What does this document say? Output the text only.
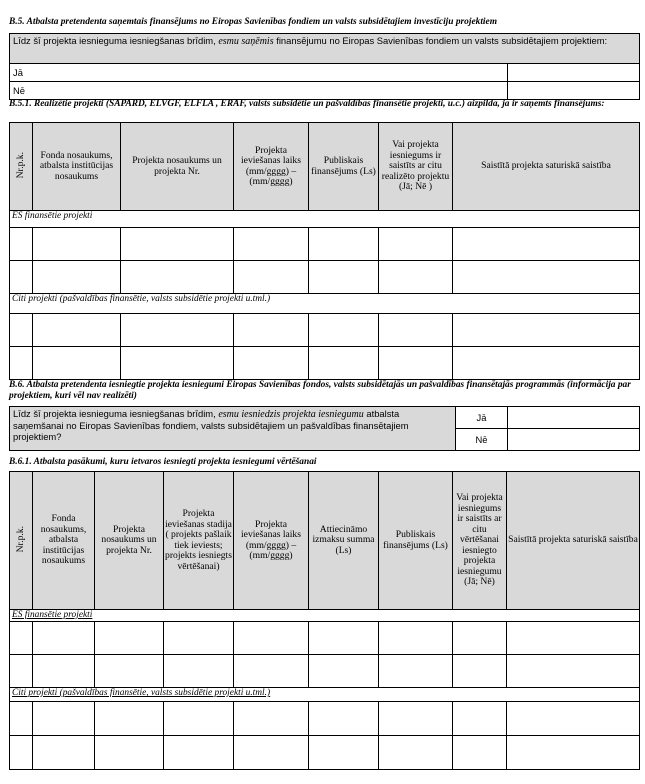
B.5. Atbalsta pretendenta saņemtais finansējums no Eiropas Savienības fondiem un valsts subsidētajiem investīciju projektiem
Līdz šī projekta iesnieguma iesniegšanas brīdim, esmu saņēmis finansējumu no Eiropas Savienības fondiem un valsts subsidētajiem projektiem:	
Jā	
Nē	
B.5.1. Realizētie projekti (SAPARD, ELVGF, ELFLA , ERAF, valsts subsidētie un pašvaldības finansētie projekti, u.c.) aizpilda, ja ir saņemts finansējums:
Nr.p.k.	Fonda nosaukums, atbalsta institūcijas nosaukums	Projekta nosaukums un projekta Nr.	Projekta ieviešanas laiks (mm/gggg) – (mm/gggg)	Publiskais finansējums (Ls)	Vai projekta iesniegums ir saistīts ar citu realizēto projektu (Jā; Nē )	Saistītā projekta saturiskā saistība
ES finansētie projekti						

Citi projekti (pašvaldības finansētie, valsts subsidētie projekti u.tml.)						

B.6. Atbalsta pretendenta iesniegtie projekta iesniegumi Eiropas Savienības fondos, valsts subsidētajās un pašvaldības finansētajās programmās (informācija par projektiem, kuri vēl nav realizēti)
Līdz šī projekta iesnieguma iesniegšanas brīdim, esmu iesniedzis projekta iesniegumu atbalsta saņemšanai no Eiropas Savienības fondiem, valsts subsidētajiem un pašvaldības finansētajiem projektiem?	Jā	
	Nē	
B.6.1. Atbalsta pasākumi, kuru ietvaros iesniegti projekta iesniegumi vērtēšanai
Nr.p.k.	Fonda nosaukums, atbalsta institūcijas nosaukums	Projekta nosaukums un projekta Nr.	Projekta ieviešanas stadija ( projekts pašlaik tiek ieviests; projekts iesniegts vērtēšanai)	Projekta ieviešanas laiks (mm/gggg) – (mm/gggg)	Attiecināmo izmaksu summa (Ls)	Publiskais finansējums (Ls)	Vai projekta iesniegums ir saistīts ar citu vērtēšanai iesniegto projekta iesniegumu (Jā; Nē)	Saistītā projekta saturiskā saistība
ES finansētie projekti								

Citi projekti (pašvaldības finansētie, valsts subsidētie projekti u.tml.)								
